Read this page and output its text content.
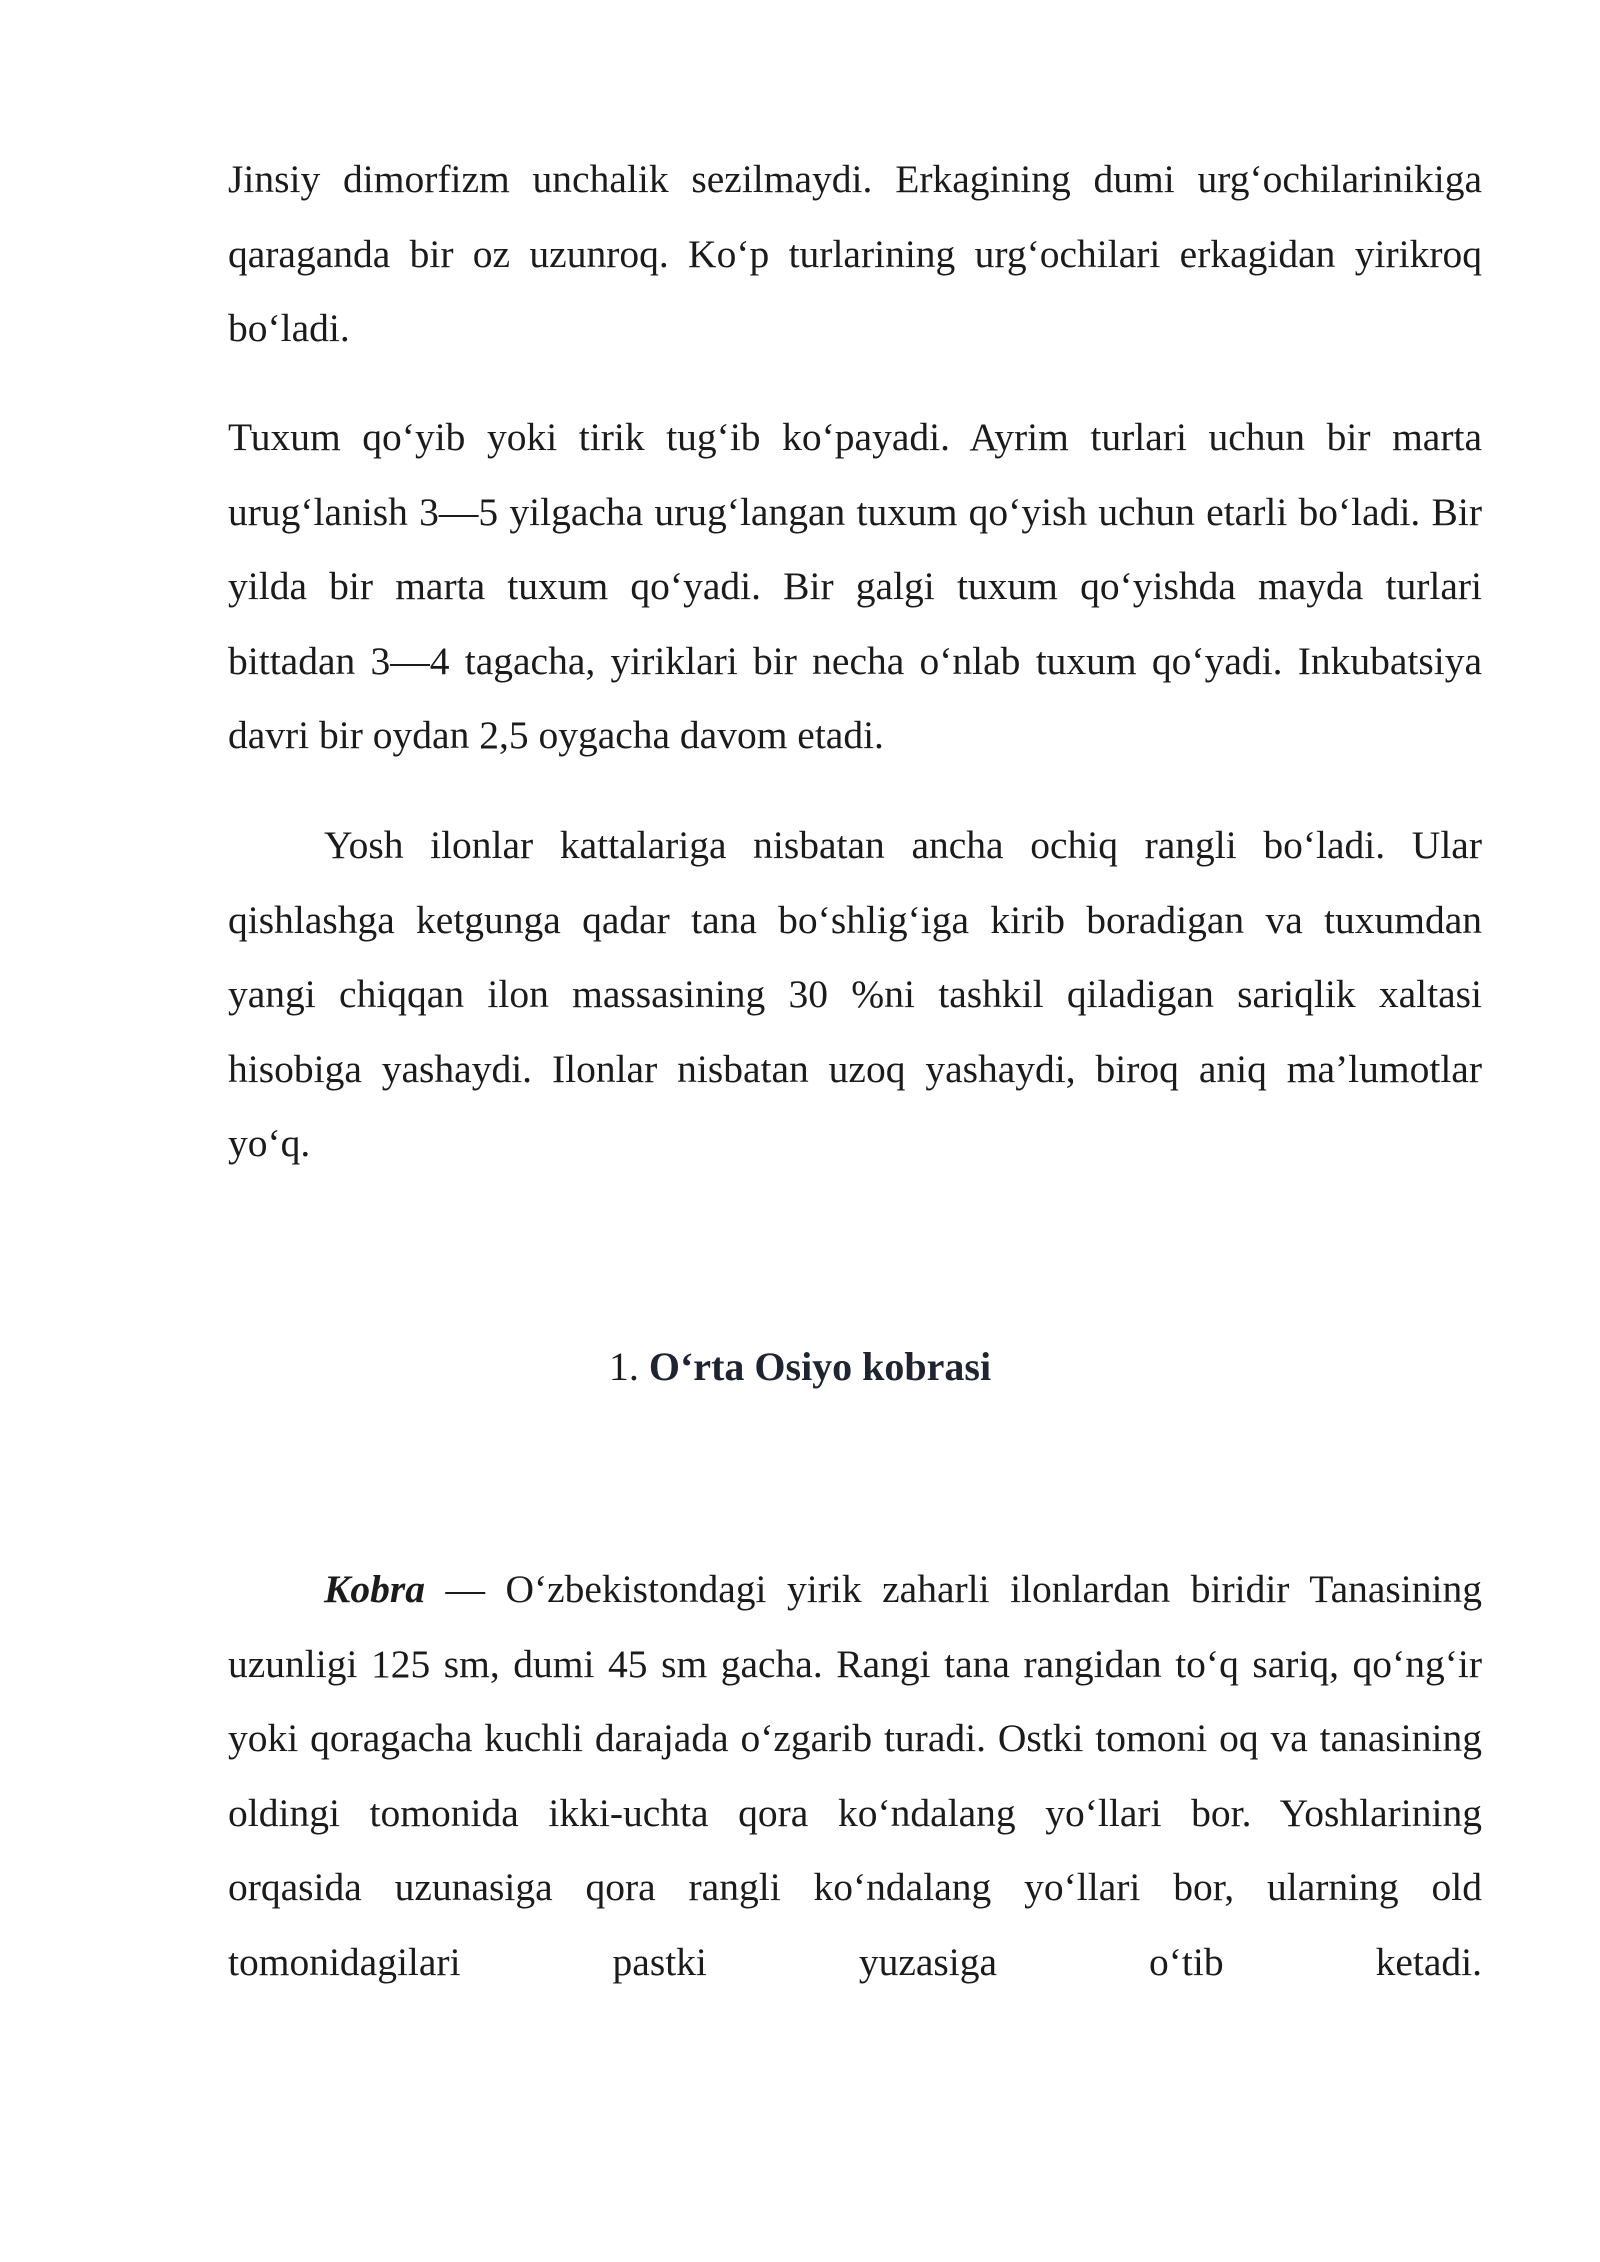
Jinsiy dimorfizm unchalik sezilmaydi. Erkagining dumi urg‘ochilarinikiga qaraganda bir oz uzunroq. Ko‘p turlarining urg‘ochilari erkagidan yirikroq bo‘ladi.

Tuxum qo‘yib yoki tirik tug‘ib ko‘payadi. Ayrim turlari uchun bir marta urug‘lanish 3—5 yilgacha urug‘langan tuxum qo‘yish uchun etarli bo‘ladi. Bir yilda bir marta tuxum qo‘yadi. Bir galgi tuxum qo‘yishda mayda turlari bittadan 3—4 tagacha, yiriklari bir necha o‘nlab tuxum qo‘yadi. Inkubatsiya davri bir oydan 2,5 oygacha davom etadi.

Yosh ilonlar kattalariga nisbatan ancha ochiq rangli bo‘ladi. Ular qishlashga ketgunga qadar tana bo‘shlig‘iga kirib boradigan va tuxumdan yangi chiqqan ilon massasining 30 %ni tashkil qiladigan sariqlik xaltasi hisobiga yashaydi. Ilonlar nisbatan uzoq yashaydi, biroq aniq ma’lumotlar yo‘q.

1. O‘rta Osiyo kobrasi

Kobra — O‘zbekistondagi yirik zaharli ilonlardan biridir Tanasining uzunligi 125 sm, dumi 45 sm gacha. Rangi tana rangidan to‘q sariq, qo‘ng‘ir yoki qoragacha kuchli darajada o‘zgarib turadi. Ostki tomoni oq va tanasining oldingi tomonida ikki-uchta qora ko‘ndalang yo‘llari bor. Yoshlarining orqasida uzunasiga qora rangli ko‘ndalang yo‘llari bor, ularning old tomonidagilari pastki yuzasiga o‘tib ketadi.
